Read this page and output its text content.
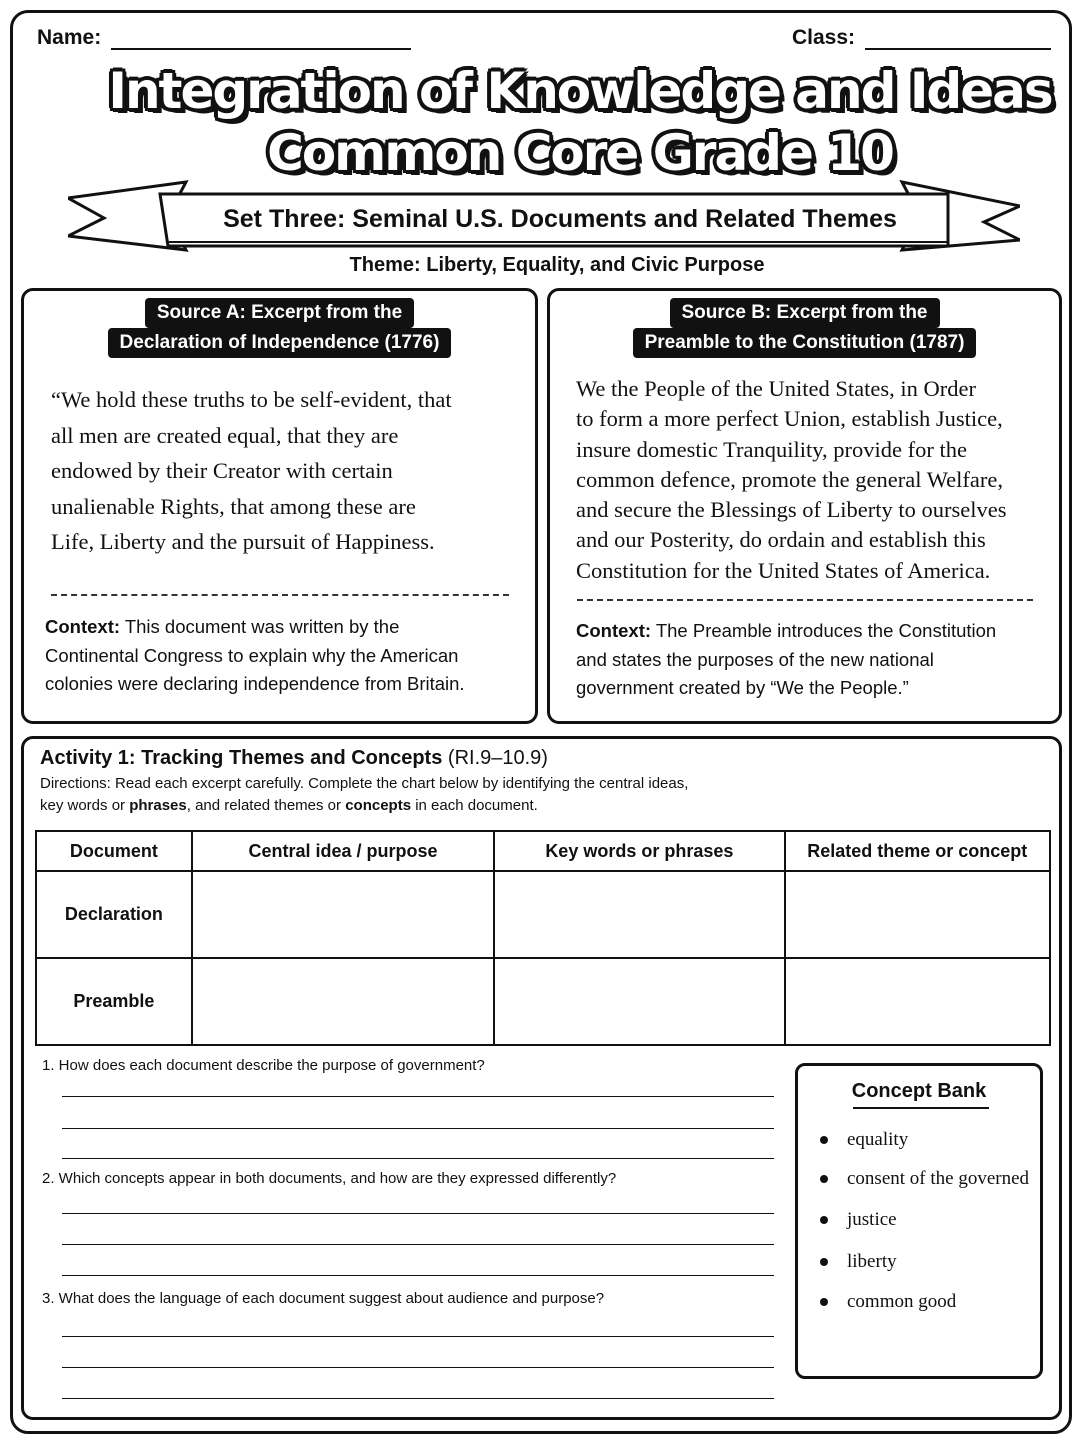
Name:	Class:
Integration of Knowledge and Ideas
Common Core Grade 10
Set Three: Seminal U.S. Documents and Related Themes
Theme: Liberty, Equality, and Civic Purpose
Source A: Excerpt from the
Declaration of Independence (1776)
“We hold these truths to be self-evident, that
all men are created equal, that they are
endowed by their Creator with certain
unalienable Rights, that among these are
Life, Liberty and the pursuit of Happiness.
Context: This document was written by the
Continental Congress to explain why the American
colonies were declaring independence from Britain.
Source B: Excerpt from the
Preamble to the Constitution (1787)
We the People of the United States, in Order
to form a more perfect Union, establish Justice,
insure domestic Tranquility, provide for the
common defence, promote the general Welfare,
and secure the Blessings of Liberty to ourselves
and our Posterity, do ordain and establish this
Constitution for the United States of America.
Context: The Preamble introduces the Constitution
and states the purposes of the new national
government created by “We the People.”
Activity 1: Tracking Themes and Concepts (RI.9–10.9)
Directions: Read each excerpt carefully. Complete the chart below by identifying the central ideas,
key words or phrases, and related themes or concepts in each document.
Document	Central idea / purpose	Key words or phrases	Related theme or concept
Declaration			
Preamble			
1. How does each document describe the purpose of government?
2. Which concepts appear in both documents, and how are they expressed differently?
3. What does the language of each document suggest about audience and purpose?
Concept Bank
equality
consent of the governed
justice
liberty
common good
